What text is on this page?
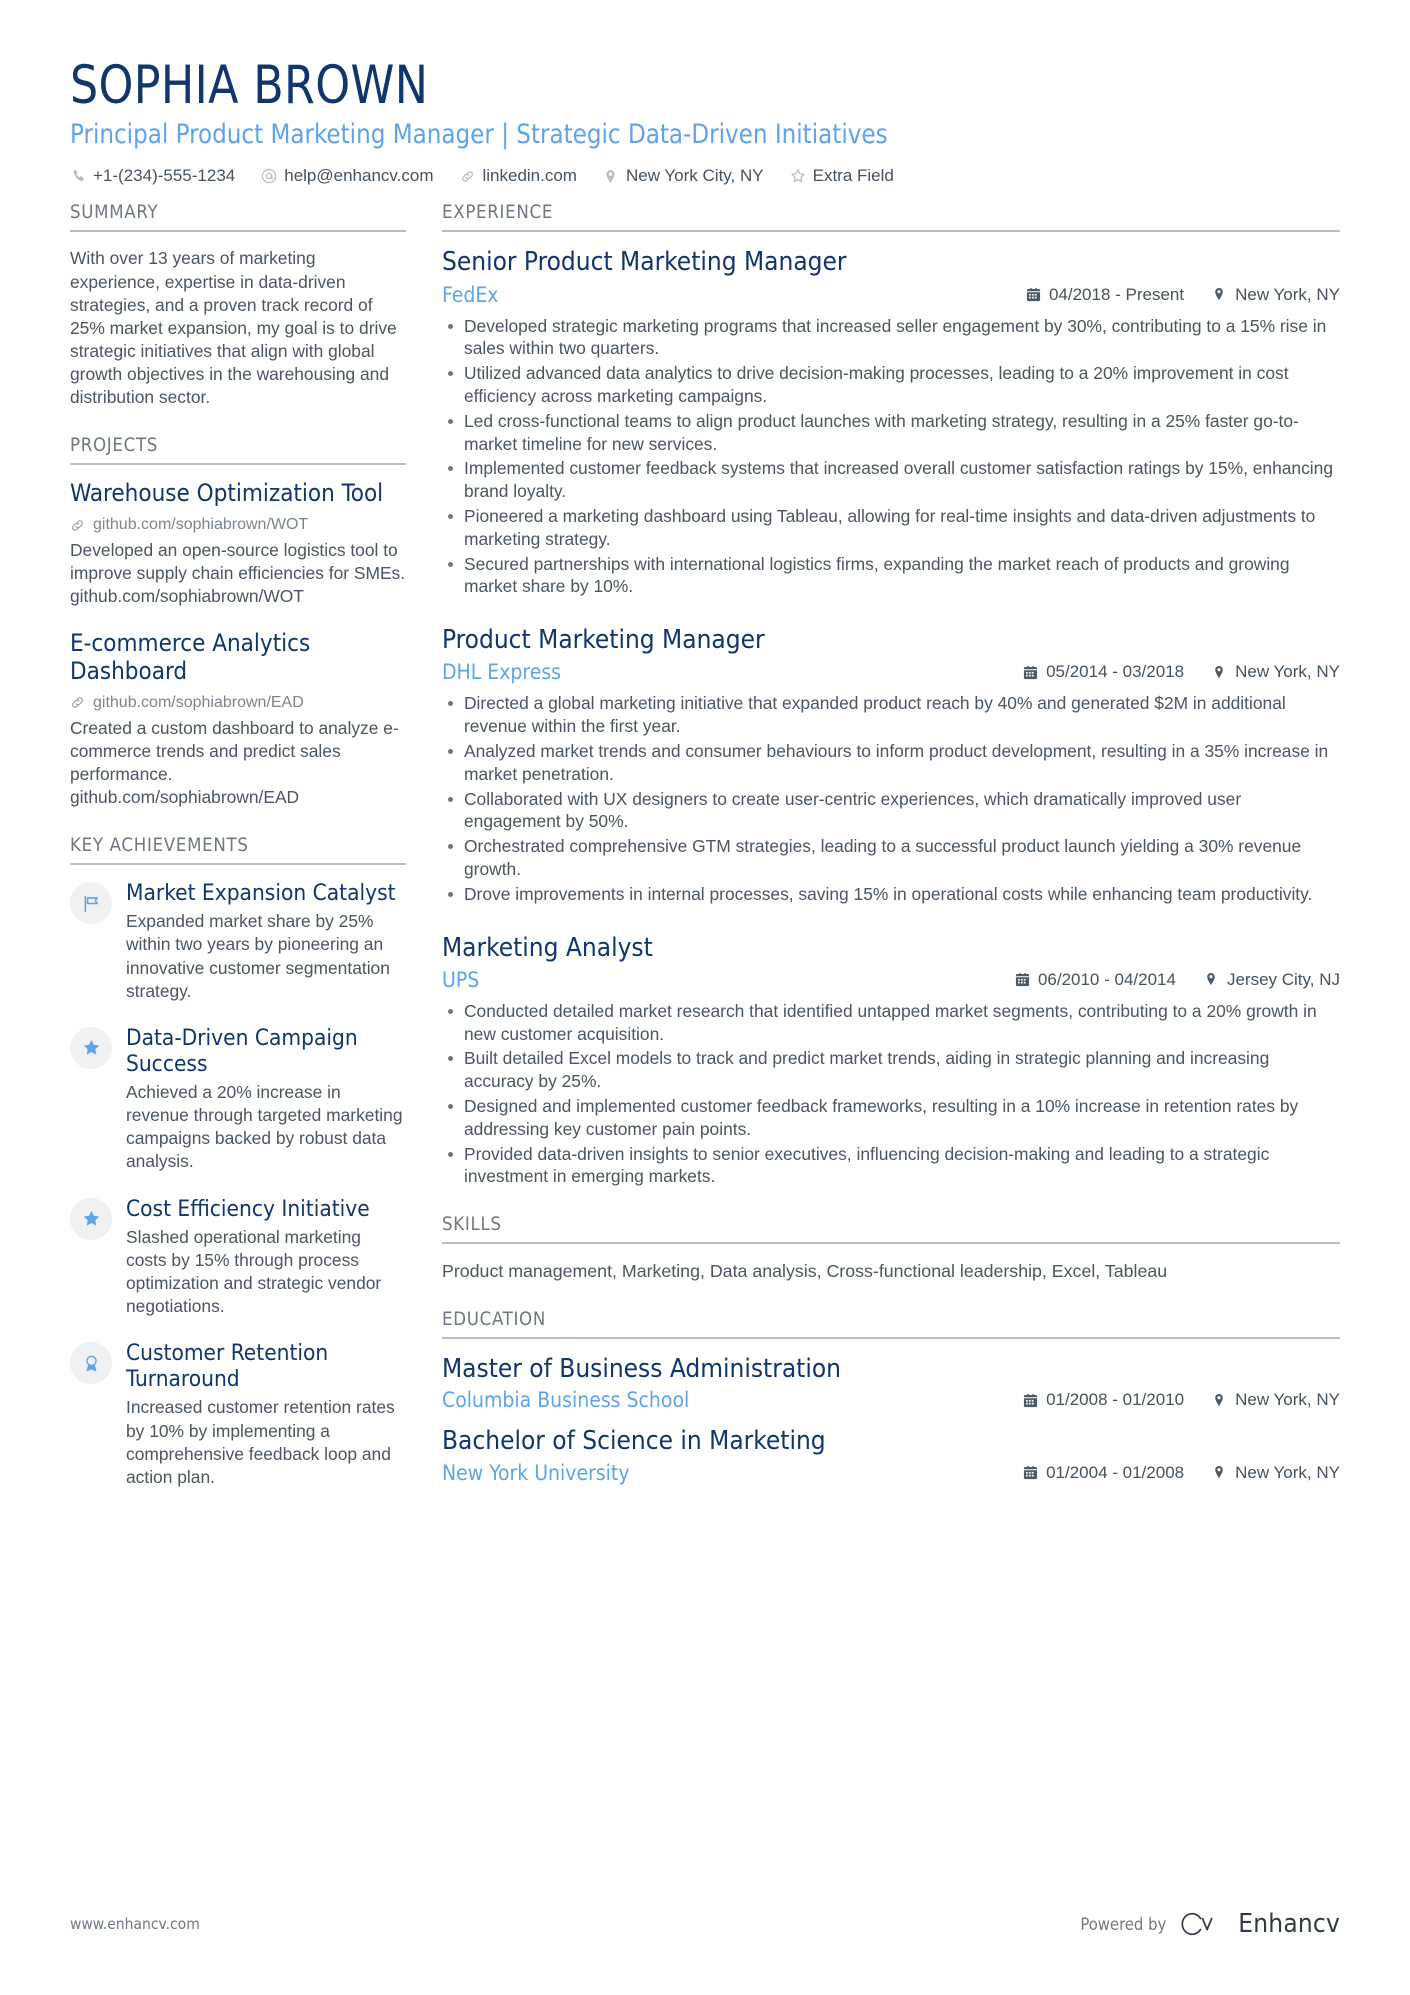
SOPHIA BROWN
Principal Product Marketing Manager | Strategic Data-Driven Initiatives
+1-(234)-555-1234	help@enhancv.com	linkedin.com	New York City, NY	Extra Field
SUMMARY
With over 13 years of marketing experience, expertise in data-driven strategies, and a proven track record of 25% market expansion, my goal is to drive strategic initiatives that align with global growth objectives in the warehousing and distribution sector.
PROJECTS
Warehouse Optimization Tool
github.com/sophiabrown/WOT
Developed an open-source logistics tool to improve supply chain efficiencies for SMEs. github.com/sophiabrown/WOT
E-commerce Analytics Dashboard
github.com/sophiabrown/EAD
Created a custom dashboard to analyze e-commerce trends and predict sales performance. github.com/sophiabrown/EAD
KEY ACHIEVEMENTS
Market Expansion Catalyst
Expanded market share by 25% within two years by pioneering an innovative customer segmentation strategy.
Data-Driven Campaign Success
Achieved a 20% increase in revenue through targeted marketing campaigns backed by robust data analysis.
Cost Efficiency Initiative
Slashed operational marketing costs by 15% through process optimization and strategic vendor negotiations.
Customer Retention Turnaround
Increased customer retention rates by 10% by implementing a comprehensive feedback loop and action plan.
EXPERIENCE
Senior Product Marketing Manager
FedEx	04/2018 - Present	New York, NY
Developed strategic marketing programs that increased seller engagement by 30%, contributing to a 15% rise in sales within two quarters.
Utilized advanced data analytics to drive decision-making processes, leading to a 20% improvement in cost efficiency across marketing campaigns.
Led cross-functional teams to align product launches with marketing strategy, resulting in a 25% faster go-to-market timeline for new services.
Implemented customer feedback systems that increased overall customer satisfaction ratings by 15%, enhancing brand loyalty.
Pioneered a marketing dashboard using Tableau, allowing for real-time insights and data-driven adjustments to marketing strategy.
Secured partnerships with international logistics firms, expanding the market reach of products and growing market share by 10%.
Product Marketing Manager
DHL Express	05/2014 - 03/2018	New York, NY
Directed a global marketing initiative that expanded product reach by 40% and generated $2M in additional revenue within the first year.
Analyzed market trends and consumer behaviours to inform product development, resulting in a 35% increase in market penetration.
Collaborated with UX designers to create user-centric experiences, which dramatically improved user engagement by 50%.
Orchestrated comprehensive GTM strategies, leading to a successful product launch yielding a 30% revenue growth.
Drove improvements in internal processes, saving 15% in operational costs while enhancing team productivity.
Marketing Analyst
UPS	06/2010 - 04/2014	Jersey City, NJ
Conducted detailed market research that identified untapped market segments, contributing to a 20% growth in new customer acquisition.
Built detailed Excel models to track and predict market trends, aiding in strategic planning and increasing accuracy by 25%.
Designed and implemented customer feedback frameworks, resulting in a 10% increase in retention rates by addressing key customer pain points.
Provided data-driven insights to senior executives, influencing decision-making and leading to a strategic investment in emerging markets.
SKILLS
Product management, Marketing, Data analysis, Cross-functional leadership, Excel, Tableau
EDUCATION
Master of Business Administration
Columbia Business School	01/2008 - 01/2010	New York, NY
Bachelor of Science in Marketing
New York University	01/2004 - 01/2008	New York, NY
www.enhancv.com	Powered by	Enhancv
